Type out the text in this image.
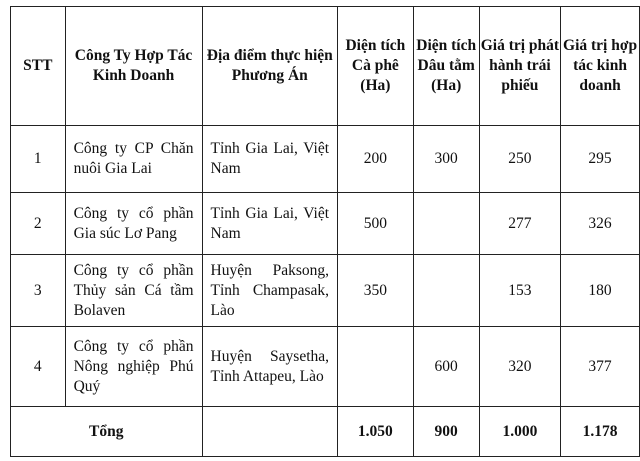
STT	Công Ty Hợp Tác Kinh Doanh	Địa điểm thực hiện Phương Án	Diện tích Cà phê (Ha)	Diện tích Dâu tằm (Ha)	Giá trị phát hành trái phiếu	Giá trị hợp tác kinh doanh
1	Công ty CP Chăn nuôi Gia Lai	Tỉnh Gia Lai, Việt Nam	200	300	250	295
2	Công ty cổ phần Gia súc Lơ Pang	Tỉnh Gia Lai, Việt Nam	500		277	326
3	Công ty cổ phần Thủy sản Cá tầm Bolaven	Huyện Paksong, Tỉnh Champasak, Lào	350		153	180
4	Công ty cổ phần Nông nghiệp Phú Quý	Huyện Saysetha, Tỉnh Attapeu, Lào		600	320	377
Tổng			1.050	900	1.000	1.178
